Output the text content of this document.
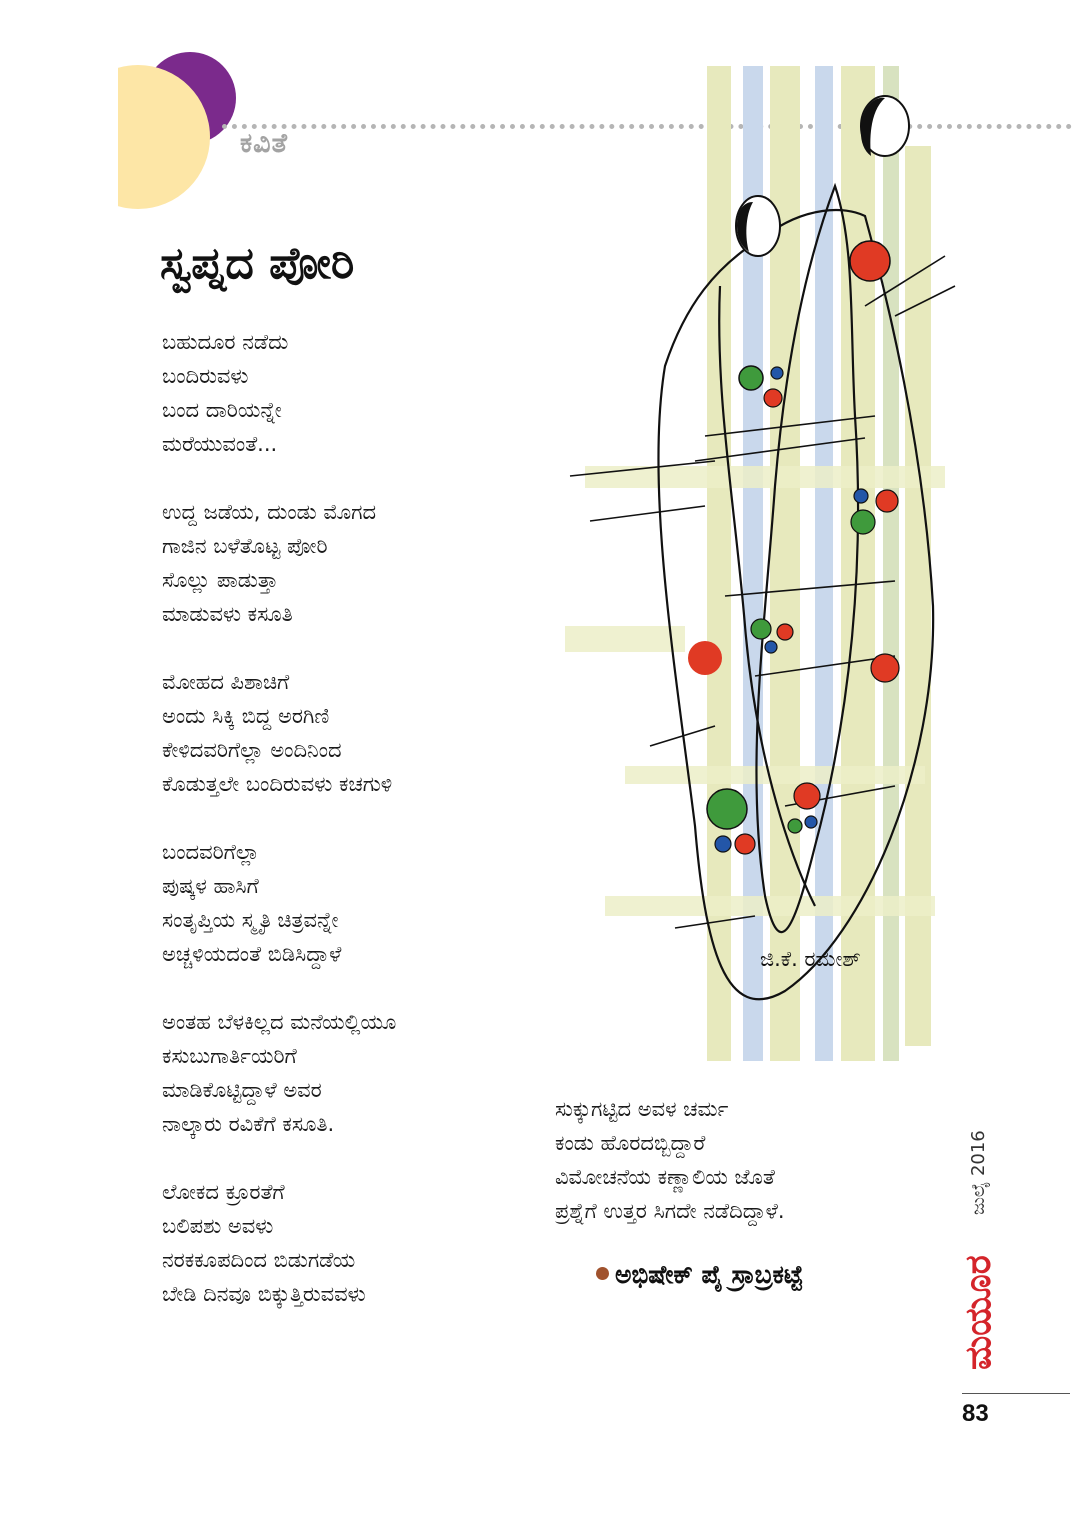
ಕವಿತೆ
ಸ್ವಪ್ನದ ಪೋರಿ
ಬಹುದೂರ ನಡೆದು
ಬಂದಿರುವಳು
ಬಂದ ದಾರಿಯನ್ನೇ
ಮರೆಯುವಂತೆ...
ಉದ್ದ ಜಡೆಯ, ದುಂಡು ಮೊಗದ
ಗಾಜಿನ ಬಳೆತೊಟ್ಟ ಪೋರಿ
ಸೊಲ್ಲು ಪಾಡುತ್ತಾ
ಮಾಡುವಳು ಕಸೂತಿ
ಮೋಹದ ಪಿಶಾಚಿಗೆ
ಅಂದು ಸಿಕ್ಕಿ ಬಿದ್ದ ಅರಗಿಣಿ
ಕೇಳಿದವರಿಗೆಲ್ಲಾ ಅಂದಿನಿಂದ
ಕೊಡುತ್ತಲೇ ಬಂದಿರುವಳು ಕಚಗುಳಿ
ಬಂದವರಿಗೆಲ್ಲಾ
ಪುಷ್ಕಳ ಹಾಸಿಗೆ
ಸಂತೃಪ್ತಿಯ ಸ್ಮೃತಿ ಚಿತ್ರವನ್ನೇ
ಅಚ್ಚಳಿಯದಂತೆ ಬಿಡಿಸಿದ್ದಾಳೆ
ಅಂತಹ ಬೆಳಕಿಲ್ಲದ ಮನೆಯಲ್ಲಿಯೂ
ಕಸುಬುಗಾರ್ತಿಯರಿಗೆ
ಮಾಡಿಕೊಟ್ಟಿದ್ದಾಳೆ ಅವರ
ನಾಲ್ಕಾರು ರವಿಕೆಗೆ ಕಸೂತಿ.
ಲೋಕದ ಕ್ರೂರತೆಗೆ
ಬಲಿಪಶು ಅವಳು
ನರಕಕೂಪದಿಂದ ಬಿಡುಗಡೆಯ
ಬೇಡಿ ದಿನವೂ ಬಿಕ್ಕುತ್ತಿರುವವಳು
ಸುಕ್ಕುಗಟ್ಟಿದ ಅವಳ ಚರ್ಮ
ಕಂಡು ಹೊರದಬ್ಬಿದ್ದಾರೆ
ವಿಮೋಚನೆಯ ಕಣ್ಣಾಲಿಯ ಜೊತೆ
ಪ್ರಶ್ನೆಗೆ ಉತ್ತರ ಸಿಗದೇ ನಡೆದಿದ್ದಾಳೆ.
ಅಭಿಷೇಕ್ ಪೈ ಸ್ರಾಬ್ರಕಟ್ಟೆ
ಜಿ.ಕೆ. ರಮೇಶ್
ಜುಲೈ 2016
ಮಯೂರ
83
